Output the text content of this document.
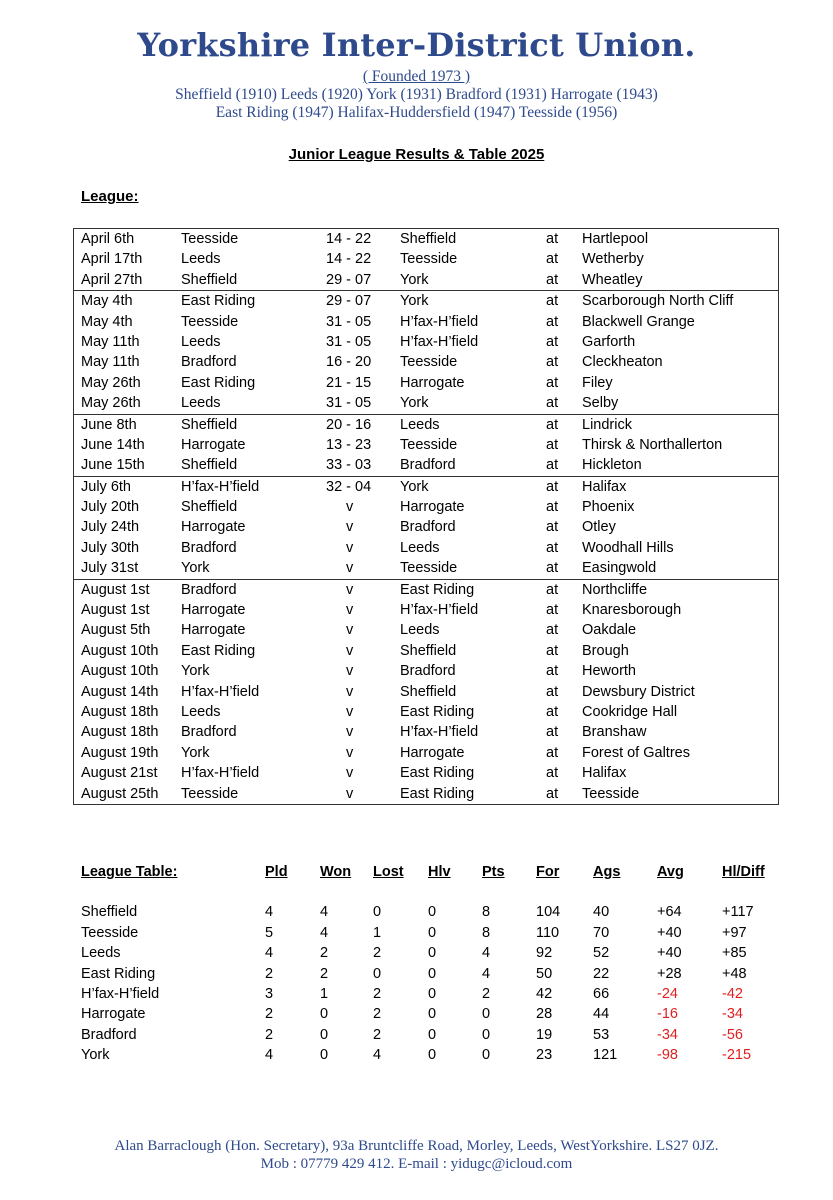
Yorkshire Inter-District Union.
( Founded 1973 )
Sheffield (1910) Leeds (1920) York (1931) Bradford (1931) Harrogate (1943)
East Riding (1947) Halifax-Huddersfield (1947) Teesside (1956)
Junior League Results & Table 2025
League:
April 6th	Teesside	14 - 22 Sheffield	at Hartlepool
April 17th	Leeds	14 - 22 Teesside	at Wetherby
April 27th	Sheffield	29 - 07 York	at Wheatley
May 4th	East Riding	29 - 07 York	at Scarborough North Cliff
May 4th	Teesside	31 - 05 H’fax-H’field	at Blackwell Grange
May 11th	Leeds	31 - 05 H’fax-H’field	at Garforth
May 11th	Bradford	16 - 20 Teesside	at Cleckheaton
May 26th	East Riding	21 - 15 Harrogate	at Filey
May 26th	Leeds	31 - 05 York	at Selby
June 8th	Sheffield	20 - 16 Leeds	at Lindrick
June 14th	Harrogate	13 - 23 Teesside	at Thirsk & Northallerton
June 15th	Sheffield	33 - 03 Bradford	at Hickleton
July 6th	H’fax-H’field	32 - 04 York	at Halifax
July 20th	Sheffield	v	Harrogate	at Phoenix
July 24th	Harrogate	v	Bradford	at Otley
July 30th	Bradford	v	Leeds	at Woodhall Hills
July 31st	York	v	Teesside	at Easingwold
August 1st Bradford	v	East Riding	at Northcliffe
August 1st Harrogate	v	H’fax-H’field	at Knaresborough
August 5th Harrogate	v	Leeds	at Oakdale
August 10th East Riding	v	Sheffield	at Brough
August 10th York	v	Bradford	at Heworth
August 14th H’fax-H’field	v	Sheffield	at Dewsbury District
August 18th Leeds	v	East Riding	at Cookridge Hall
August 18th Bradford	v	H’fax-H’field	at Branshaw
August 19th York	v	Harrogate	at Forest of Galtres
August 21st H’fax-H’field	v	East Riding	at Halifax
August 25th Teesside	v	East Riding	at Teesside
League Table:	Pld Won Lost Hlv Pts For Ags	Avg	Hl/Diff
Sheffield	4	4	0	0	8	104 40	+64	+117
Teesside	5	4	1	0	8	110 70	+40	+97
Leeds	4	2	2	0	4	92	52	+40	+85
East Riding	2	2	0	0	4	50	22	+28	+48
H’fax-H’field	3	1	2	0	2	42	66	-24	-42
Harrogate	2	0	2	0	0	28	44	-16	-34
Bradford	2	0	2	0	0	19	53	-34	-56
York	4	0	4	0	0	23	121	-98	-215
Alan Barraclough (Hon. Secretary), 93a Bruntcliffe Road, Morley, Leeds, WestYorkshire. LS27 0JZ.
Mob : 07779 429 412. E-mail : yidugc@icloud.com
